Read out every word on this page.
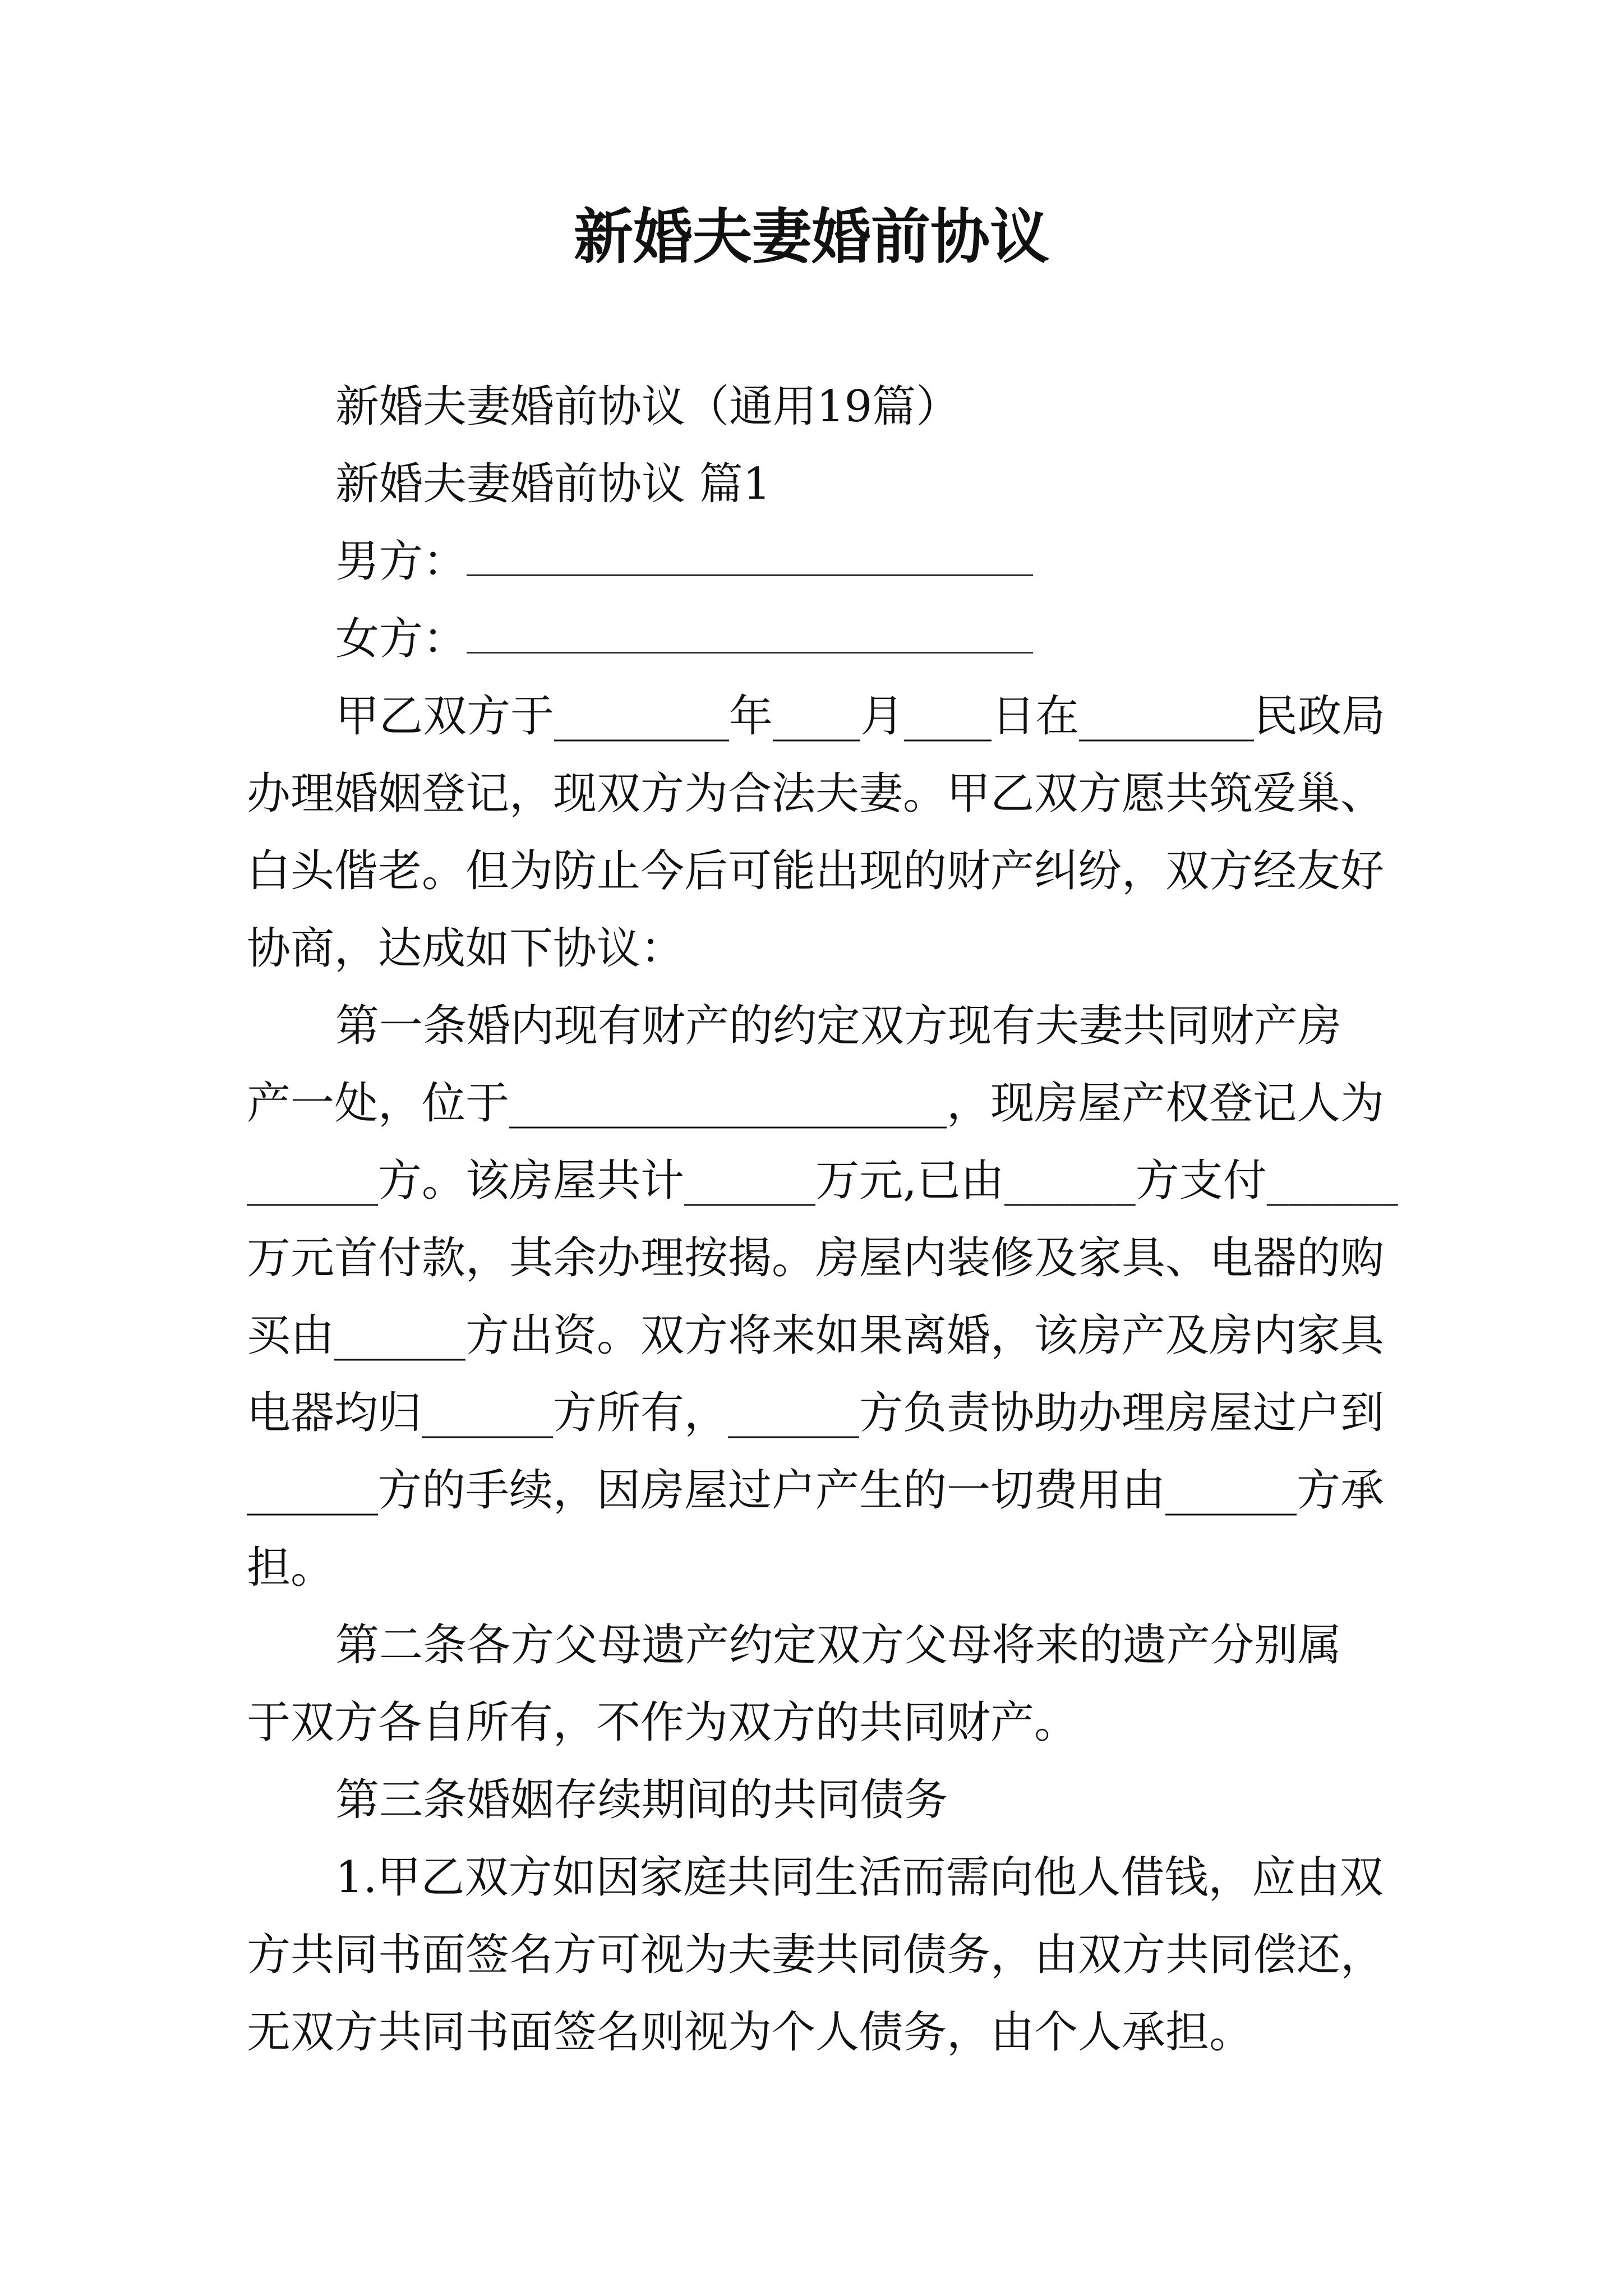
新婚夫妻婚前协议
新婚夫妻婚前协议（通用19篇）
新婚夫妻婚前协议 篇1
男方：
女方：
甲乙双方于________年____月____日在________民政局
办理婚姻登记，现双方为合法夫妻。甲乙双方愿共筑爱巢、
白头偕老。但为防止今后可能出现的财产纠纷，双方经友好
协商，达成如下协议：
第一条婚内现有财产的约定双方现有夫妻共同财产房
产一处，位于____________________，现房屋产权登记人为
______方。该房屋共计______万元,已由______方支付______
万元首付款，其余办理按揭。房屋内装修及家具、电器的购
买由______方出资。双方将来如果离婚，该房产及房内家具
电器均归______方所有，______方负责协助办理房屋过户到
______方的手续，因房屋过户产生的一切费用由______方承
担。
第二条各方父母遗产约定双方父母将来的遗产分别属
于双方各自所有，不作为双方的共同财产。
第三条婚姻存续期间的共同债务
1.甲乙双方如因家庭共同生活而需向他人借钱，应由双
方共同书面签名方可视为夫妻共同债务，由双方共同偿还，
无双方共同书面签名则视为个人债务，由个人承担。
